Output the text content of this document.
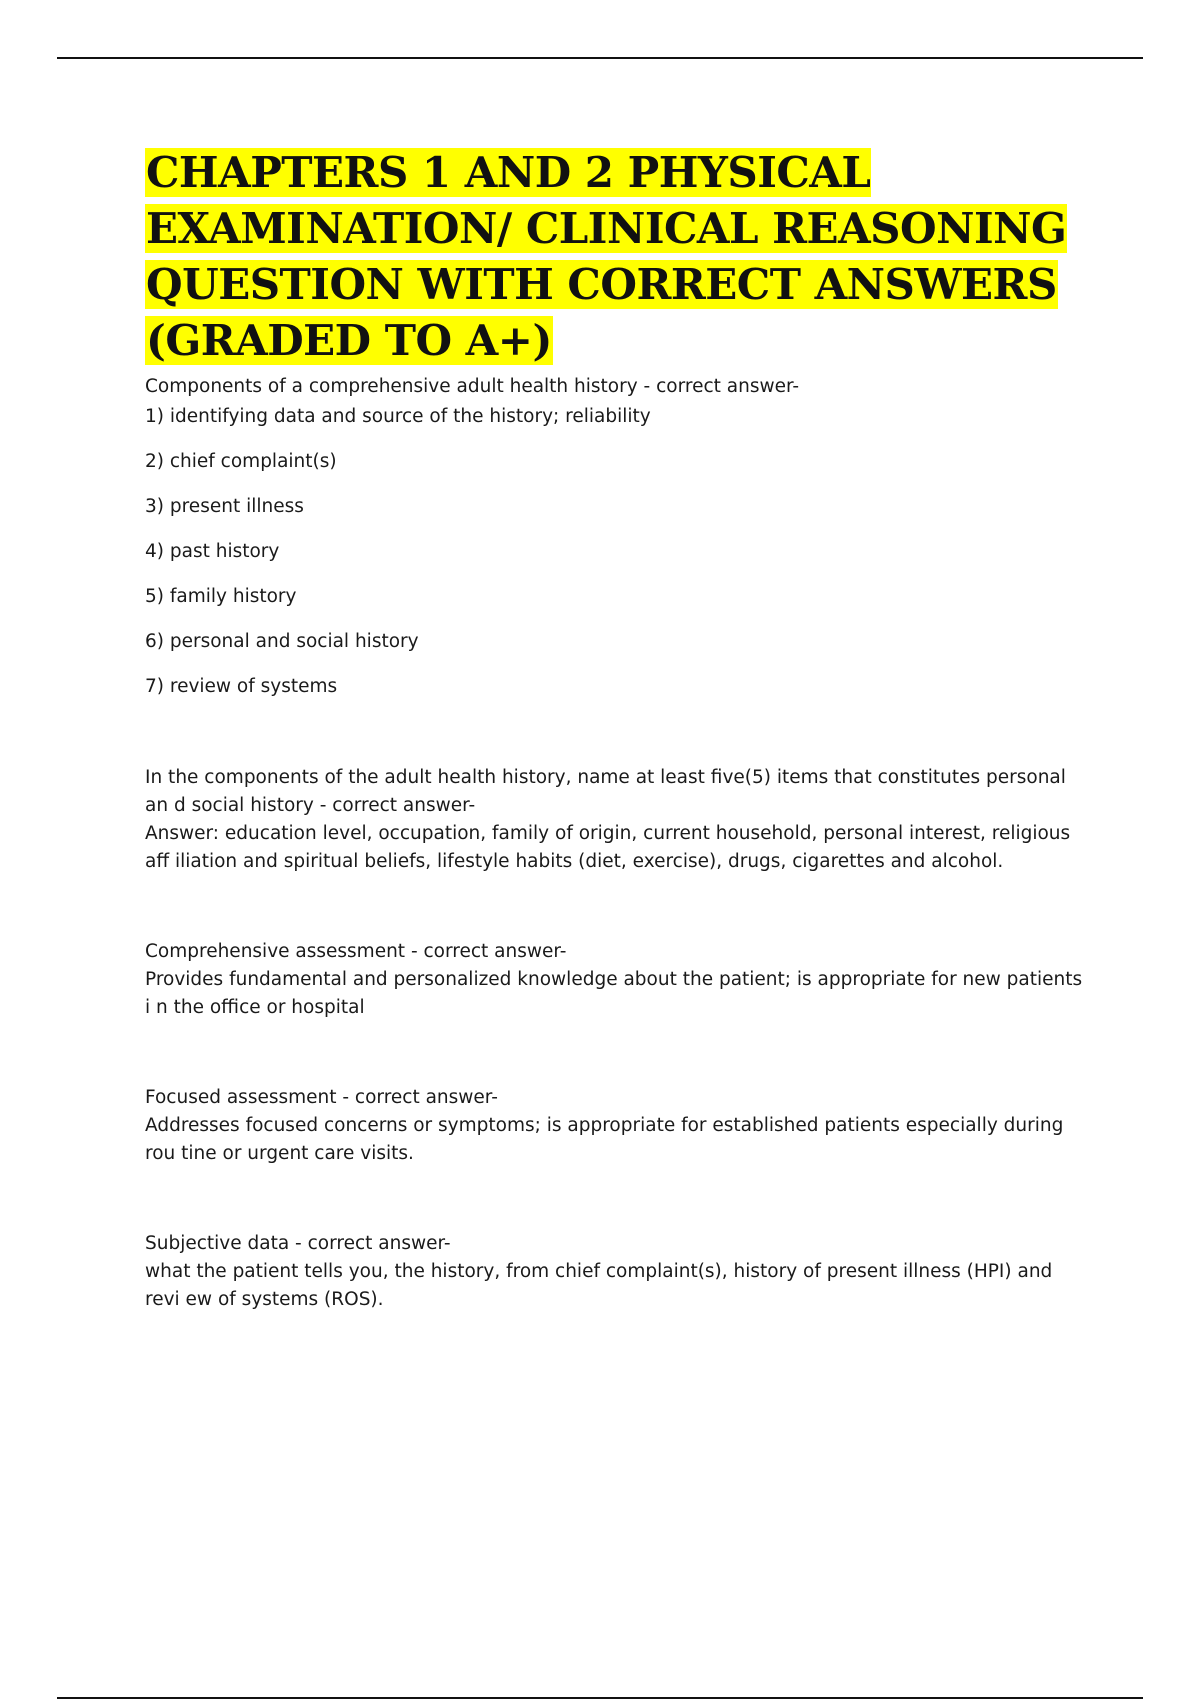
CHAPTERS 1 AND 2 PHYSICAL EXAMINATION/ CLINICAL REASONING QUESTION WITH CORRECT ANSWERS (GRADED TO A+)

Components of a comprehensive adult health history - correct answer-

1) identifying data and source of the history; reliability
2) chief complaint(s)
3) present illness
4) past history
5) family history
6) personal and social history
7) review of systems

In the components of the adult health history, name at least five(5) items that constitutes personal an d social history - correct answer-

Answer: education level, occupation, family of origin, current household, personal interest, religious aff iliation and spiritual beliefs, lifestyle habits (diet, exercise), drugs, cigarettes and alcohol.

Comprehensive assessment - correct answer-

Provides fundamental and personalized knowledge about the patient; is appropriate for new patients i n the office or hospital

Focused assessment - correct answer-

Addresses focused concerns or symptoms; is appropriate for established patients especially during rou tine or urgent care visits.

Subjective data - correct answer-

what the patient tells you, the history, from chief complaint(s), history of present illness (HPI) and revi ew of systems (ROS).
